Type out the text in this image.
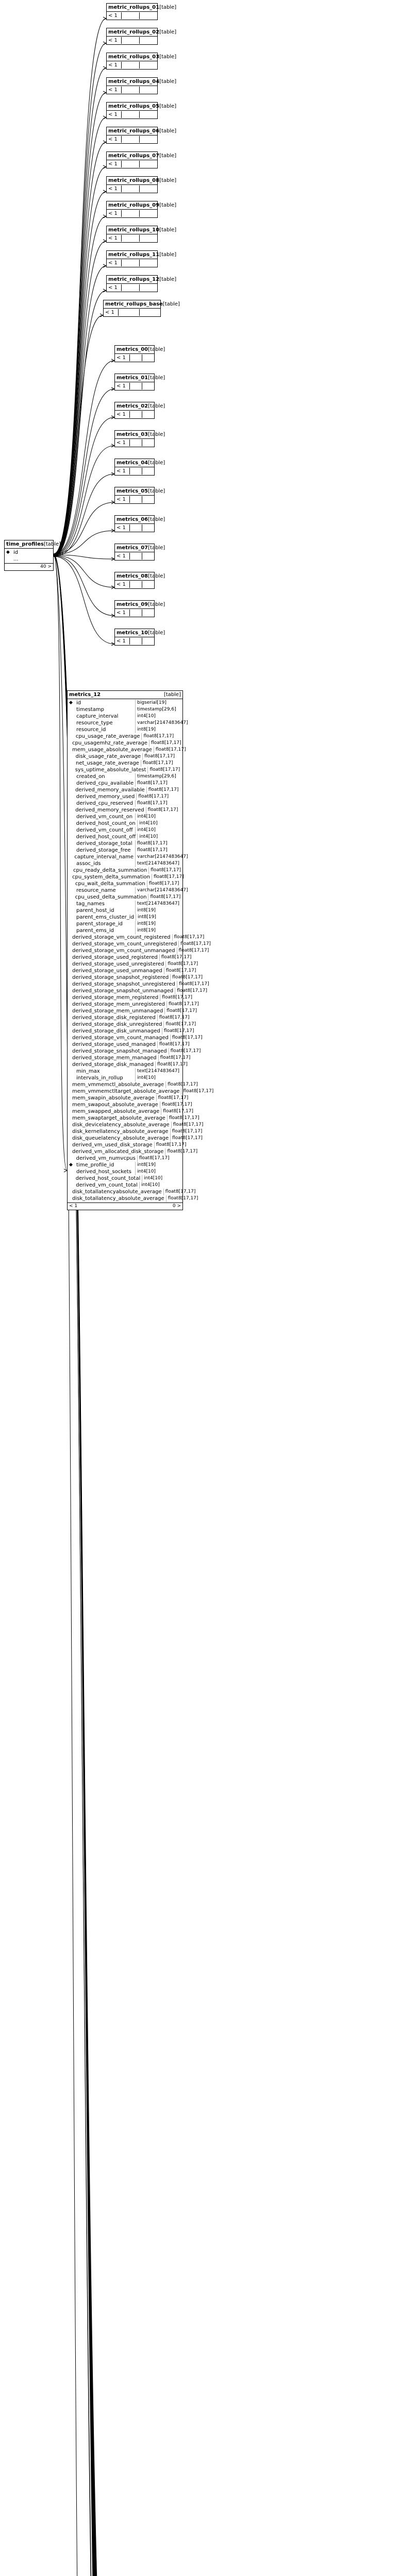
time_profiles [table]
◆ id
...
40 >
metrics_12	[table]
◆ id	bigserial[19]
timestamp	timestamp[29,6]
capture_interval	int4[10]
resource_type	varchar[2147483647]
resource_id	int8[19]
cpu_usage_rate_average float8[17,17]
cpu_usagemhz_rate_average float8[17,17]
mem_usage_absolute_average float8[17,17]
disk_usage_rate_average float8[17,17]
net_usage_rate_average float8[17,17]
sys_uptime_absolute_latest float8[17,17]
created_on	timestamp[29,6]
derived_cpu_available float8[17,17]
derived_memory_available float8[17,17]
derived_memory_used float8[17,17]
derived_cpu_reserved float8[17,17]
derived_memory_reserved float8[17,17]
derived_vm_count_on int4[10]
derived_host_count_on int4[10]
derived_vm_count_off int4[10]
derived_host_count_off int4[10]
derived_storage_total	float8[17,17]
derived_storage_free	float8[17,17]
capture_interval_name varchar[2147483647]
assoc_ids	text[2147483647]
cpu_ready_delta_summation float8[17,17]
cpu_system_delta_summation float8[17,17]
cpu_wait_delta_summation float8[17,17]
resource_name	varchar[2147483647]
cpu_used_delta_summation float8[17,17]
tag_names	text[2147483647]
parent_host_id	int8[19]
parent_ems_cluster_id int8[19]
parent_storage_id	int8[19]
parent_ems_id	int8[19]
derived_storage_vm_count_registered float8[17,17]
derived_storage_vm_count_unregistered float8[17,17]
derived_storage_vm_count_unmanaged float8[17,17]
derived_storage_used_registered float8[17,17]
derived_storage_used_unregistered float8[17,17]
derived_storage_used_unmanaged float8[17,17]
derived_storage_snapshot_registered float8[17,17]
derived_storage_snapshot_unregistered float8[17,17]
derived_storage_snapshot_unmanaged float8[17,17]
derived_storage_mem_registered float8[17,17]
derived_storage_mem_unregistered float8[17,17]
derived_storage_mem_unmanaged float8[17,17]
derived_storage_disk_registered float8[17,17]
derived_storage_disk_unregistered float8[17,17]
derived_storage_disk_unmanaged float8[17,17]
derived_storage_vm_count_managed float8[17,17]
derived_storage_used_managed float8[17,17]
derived_storage_snapshot_managed float8[17,17]
derived_storage_mem_managed float8[17,17]
derived_storage_disk_managed float8[17,17]
min_max	text[2147483647]
intervals_in_rollup	int4[10]
mem_vmmemctl_absolute_average float8[17,17]
mem_vmmemctltarget_absolute_average float8[17,17]
mem_swapin_absolute_average float8[17,17]
mem_swapout_absolute_average float8[17,17]
mem_swapped_absolute_average float8[17,17]
mem_swaptarget_absolute_average float8[17,17]
disk_devicelatency_absolute_average float8[17,17]
disk_kernellatency_absolute_average float8[17,17]
disk_queuelatency_absolute_average float8[17,17]
derived_vm_used_disk_storage float8[17,17]
derived_vm_allocated_disk_storage float8[17,17]
derived_vm_numvcpus float8[17,17]
◆ time_profile_id	int8[19]
derived_host_sockets	int4[10]
derived_host_count_total int4[10]
derived_vm_count_total int4[10]
disk_totallatencyabsolute_average float8[17,17]
disk_totallatency_absolute_average float8[17,17]
< 1	0 >
metric_rollups_01 [table]
< 1
metric_rollups_02 [table]
< 1
metric_rollups_03 [table]
< 1
metric_rollups_04 [table]
< 1
metric_rollups_05 [table]
< 1
metric_rollups_06 [table]
< 1
metric_rollups_07 [table]
< 1
metric_rollups_08 [table]
< 1
metric_rollups_09 [table]
< 1
metric_rollups_10 [table]
< 1
metric_rollups_11 [table]
< 1
metric_rollups_12 [table]
< 1
metric_rollups_base [table]
< 1
metrics_00 [table]
< 1
metrics_01 [table]
< 1
metrics_02 [table]
< 1
metrics_03 [table]
< 1
metrics_04 [table]
< 1
metrics_05 [table]
< 1
metrics_06 [table]
< 1
metrics_07 [table]
< 1
metrics_08 [table]
< 1
metrics_09 [table]
< 1
metrics_10 [table]
< 1
